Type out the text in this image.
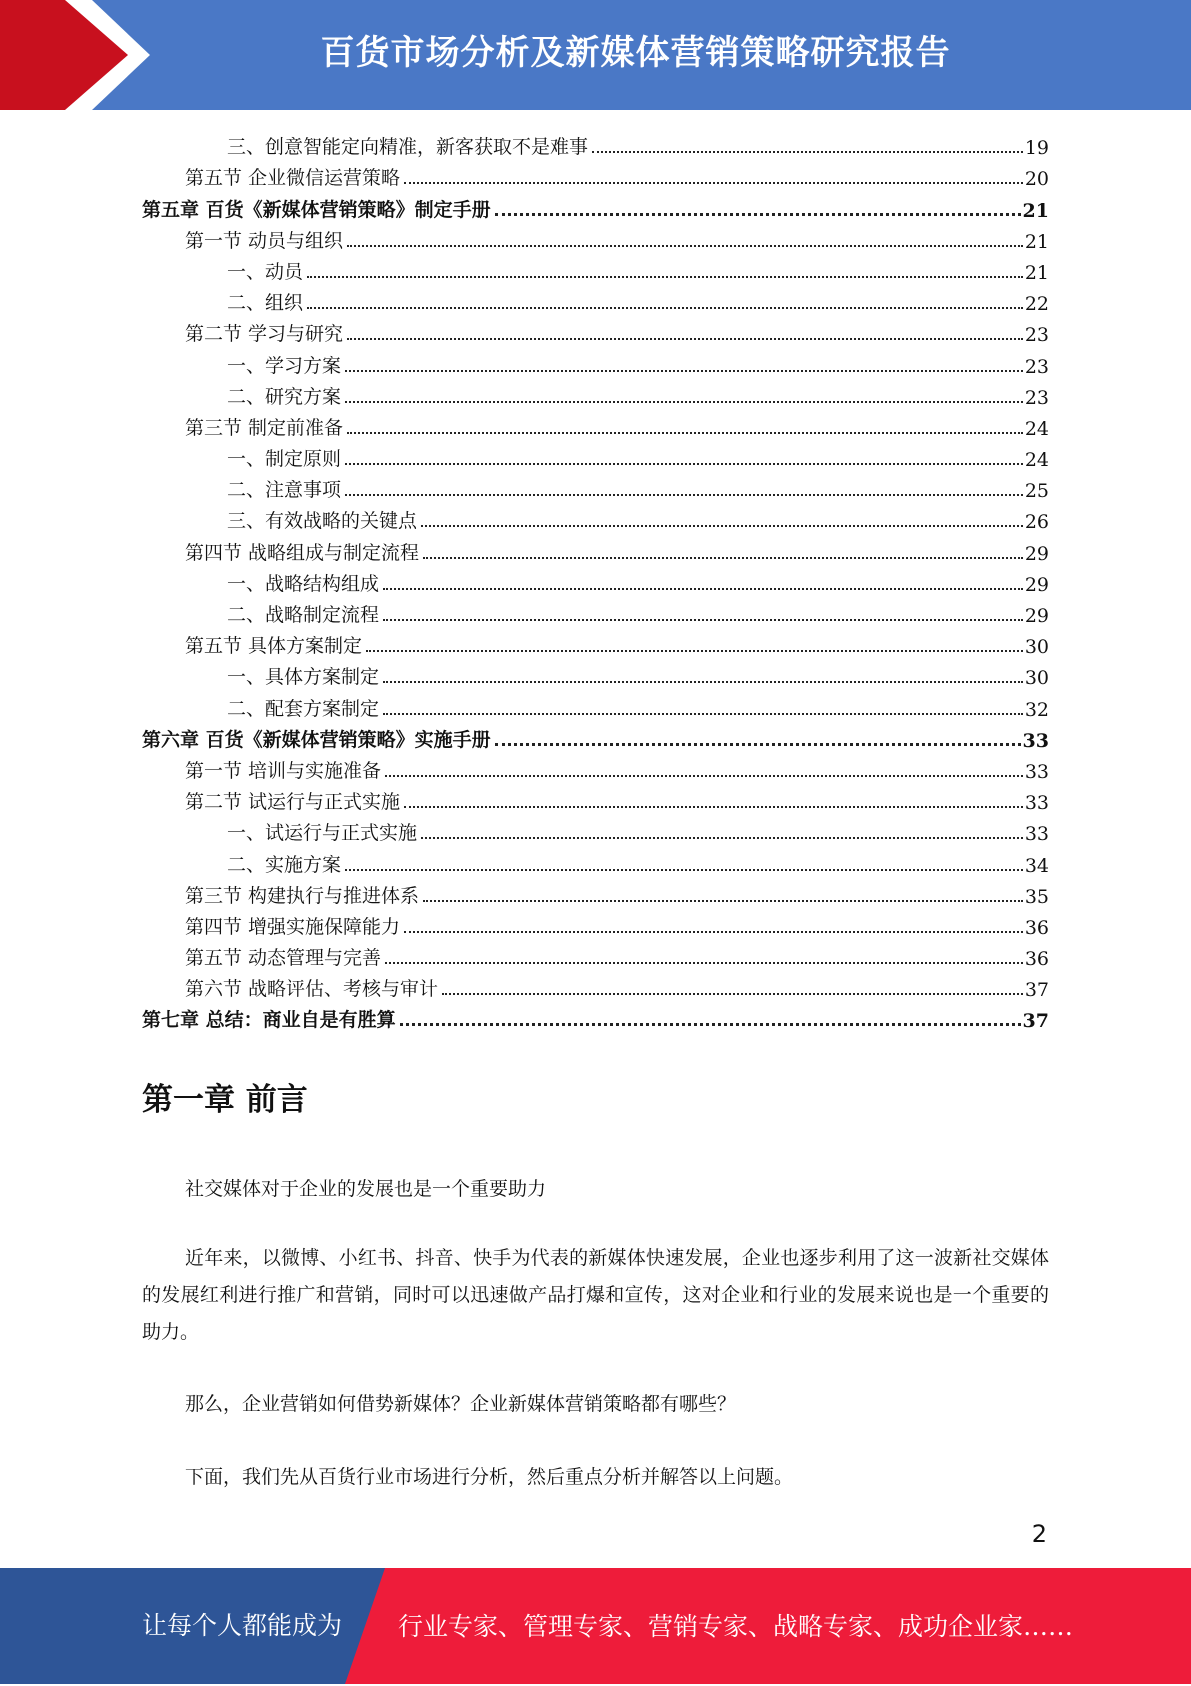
百货市场分析及新媒体营销策略研究报告
三、创意智能定向精准，新客获取不是难事	19
第五节 企业微信运营策略	20
第五章 百货《新媒体营销策略》制定手册	21
第一节 动员与组织	21
一、动员	21
二、组织	22
第二节 学习与研究	23
一、学习方案	23
二、研究方案	23
第三节 制定前准备	24
一、制定原则	24
二、注意事项	25
三、有效战略的关键点	26
第四节 战略组成与制定流程	29
一、战略结构组成	29
二、战略制定流程	29
第五节 具体方案制定	30
一、具体方案制定	30
二、配套方案制定	32
第六章 百货《新媒体营销策略》实施手册	33
第一节 培训与实施准备	33
第二节 试运行与正式实施	33
一、试运行与正式实施	33
二、实施方案	34
第三节 构建执行与推进体系	35
第四节 增强实施保障能力	36
第五节 动态管理与完善	36
第六节 战略评估、考核与审计	37
第七章 总结：商业自是有胜算	37
第一章 前言

社交媒体对于企业的发展也是一个重要助力

近年来，以微博、小红书、抖音、快手为代表的新媒体快速发展，企业也逐步利用了这一波新社交媒体的发展红利进行推广和营销，同时可以迅速做产品打爆和宣传，这对企业和行业的发展来说也是一个重要的助力。

那么，企业营销如何借势新媒体？企业新媒体营销策略都有哪些？

下面，我们先从百货行业市场进行分析，然后重点分析并解答以上问题。

2
让每个人都能成为 行业专家、管理专家、营销专家、战略专家、成功企业家……
